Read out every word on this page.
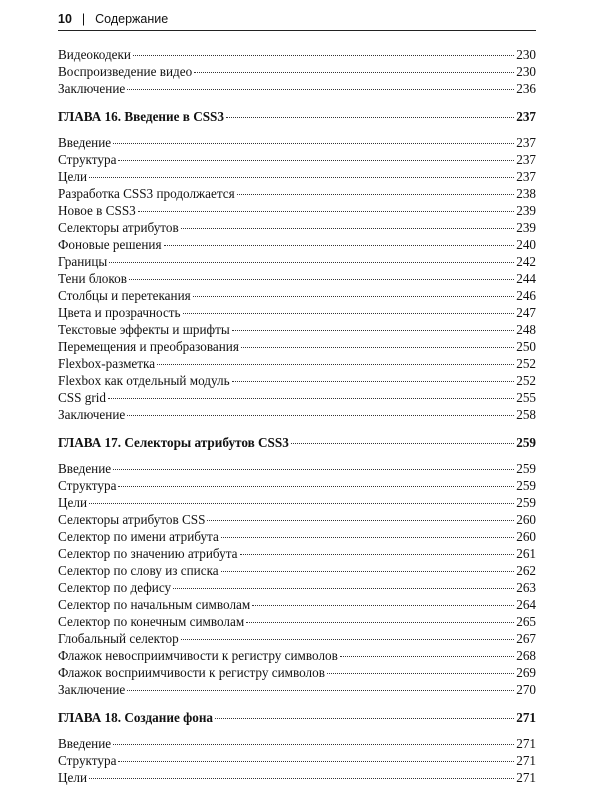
10 | Содержание
Видеокодеки	230
Воспроизведение видео	230
Заключение	236
ГЛАВА 16. Введение в CSS3	237
Введение	237
Структура	237
Цели	237
Разработка CSS3 продолжается	238
Новое в CSS3	239
Селекторы атрибутов	239
Фоновые решения	240
Границы	242
Тени блоков	244
Столбцы и перетекания	246
Цвета и прозрачность	247
Текстовые эффекты и шрифты	248
Перемещения и преобразования	250
Flexbox-разметка	252
Flexbox как отдельный модуль	252
CSS grid	255
Заключение	258
ГЛАВА 17. Селекторы атрибутов CSS3	259
Введение	259
Структура	259
Цели	259
Селекторы атрибутов CSS	260
Селектор по имени атрибута	260
Селектор по значению атрибута	261
Селектор по слову из списка	262
Селектор по дефису	263
Селектор по начальным символам	264
Селектор по конечным символам	265
Глобальный селектор	267
Флажок невосприимчивости к регистру символов	268
Флажок восприимчивости к регистру символов	269
Заключение	270
ГЛАВА 18. Создание фона	271
Введение	271
Структура	271
Цели	271
